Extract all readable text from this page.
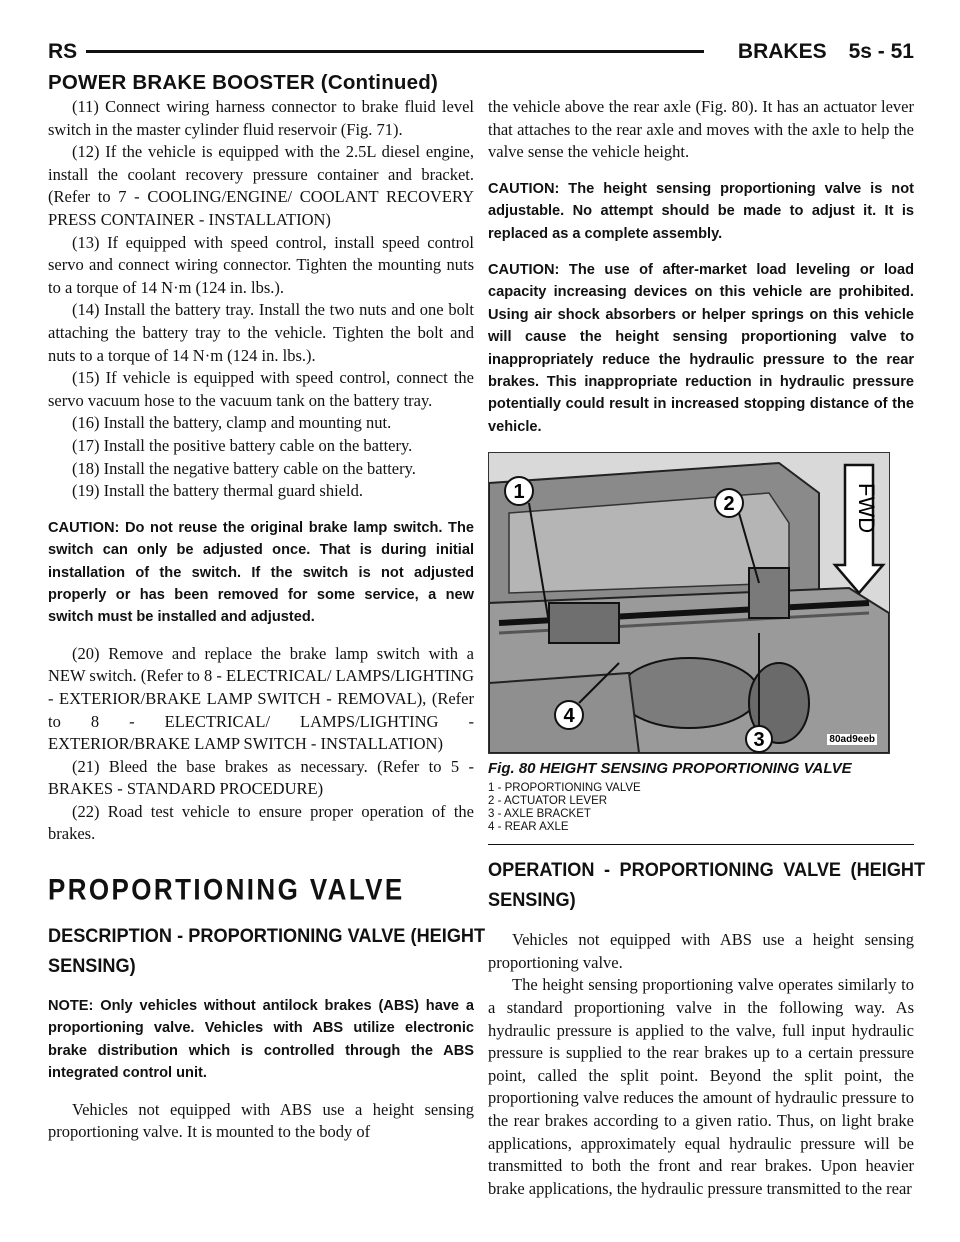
RS	BRAKES 5s - 51
POWER BRAKE BOOSTER (Continued)

(11) Connect wiring harness connector to brake fluid level switch in the master cylinder fluid reservoir (Fig. 71).

(12) If the vehicle is equipped with the 2.5L diesel engine, install the coolant recovery pressure container and bracket. (Refer to 7 - COOLING/ENGINE/ COOLANT RECOVERY PRESS CONTAINER - INSTALLATION)

(13) If equipped with speed control, install speed control servo and connect wiring connector. Tighten the mounting nuts to a torque of 14 N·m (124 in. lbs.).

(14) Install the battery tray. Install the two nuts and one bolt attaching the battery tray to the vehicle. Tighten the bolt and nuts to a torque of 14 N·m (124 in. lbs.).

(15) If vehicle is equipped with speed control, connect the servo vacuum hose to the vacuum tank on the battery tray.

(16) Install the battery, clamp and mounting nut.

(17) Install the positive battery cable on the battery.

(18) Install the negative battery cable on the battery.

(19) Install the battery thermal guard shield.

CAUTION: Do not reuse the original brake lamp switch. The switch can only be adjusted once. That is during initial installation of the switch. If the switch is not adjusted properly or has been removed for some service, a new switch must be installed and adjusted.

(20) Remove and replace the brake lamp switch with a NEW switch. (Refer to 8 - ELECTRICAL/ LAMPS/LIGHTING - EXTERIOR/BRAKE LAMP SWITCH - REMOVAL), (Refer to 8 - ELECTRICAL/ LAMPS/LIGHTING - EXTERIOR/BRAKE LAMP SWITCH - INSTALLATION)

(21) Bleed the base brakes as necessary. (Refer to 5 - BRAKES - STANDARD PROCEDURE)

(22) Road test vehicle to ensure proper operation of the brakes.

PROPORTIONING VALVE

DESCRIPTION - PROPORTIONING VALVE (HEIGHT SENSING)

NOTE: Only vehicles without antilock brakes (ABS) have a proportioning valve. Vehicles with ABS utilize electronic brake distribution which is controlled through the ABS integrated control unit.

Vehicles not equipped with ABS use a height sensing proportioning valve. It is mounted to the body of

the vehicle above the rear axle (Fig. 80). It has an actuator lever that attaches to the rear axle and moves with the axle to help the valve sense the vehicle height.

CAUTION: The height sensing proportioning valve is not adjustable. No attempt should be made to adjust it. It is replaced as a complete assembly.

CAUTION: The use of after-market load leveling or load capacity increasing devices on this vehicle are prohibited. Using air shock absorbers or helper springs on this vehicle will cause the height sensing proportioning valve to inappropriately reduce the hydraulic pressure to the rear brakes. This inappropriate reduction in hydraulic pressure potentially could result in increased stopping distance of the vehicle.

1
2
3
4
FWD
80ad9eeb

Fig. 80 HEIGHT SENSING PROPORTIONING VALVE

1 - PROPORTIONING VALVE
2 - ACTUATOR LEVER
3 - AXLE BRACKET
4 - REAR AXLE

OPERATION - PROPORTIONING VALVE (HEIGHT SENSING)

Vehicles not equipped with ABS use a height sensing proportioning valve.

The height sensing proportioning valve operates similarly to a standard proportioning valve in the following way. As hydraulic pressure is applied to the valve, full input hydraulic pressure is supplied to the rear brakes up to a certain pressure point, called the split point. Beyond the split point, the proportioning valve reduces the amount of hydraulic pressure to the rear brakes according to a given ratio. Thus, on light brake applications, approximately equal hydraulic pressure will be transmitted to both the front and rear brakes. Upon heavier brake applications, the hydraulic pressure transmitted to the rear
